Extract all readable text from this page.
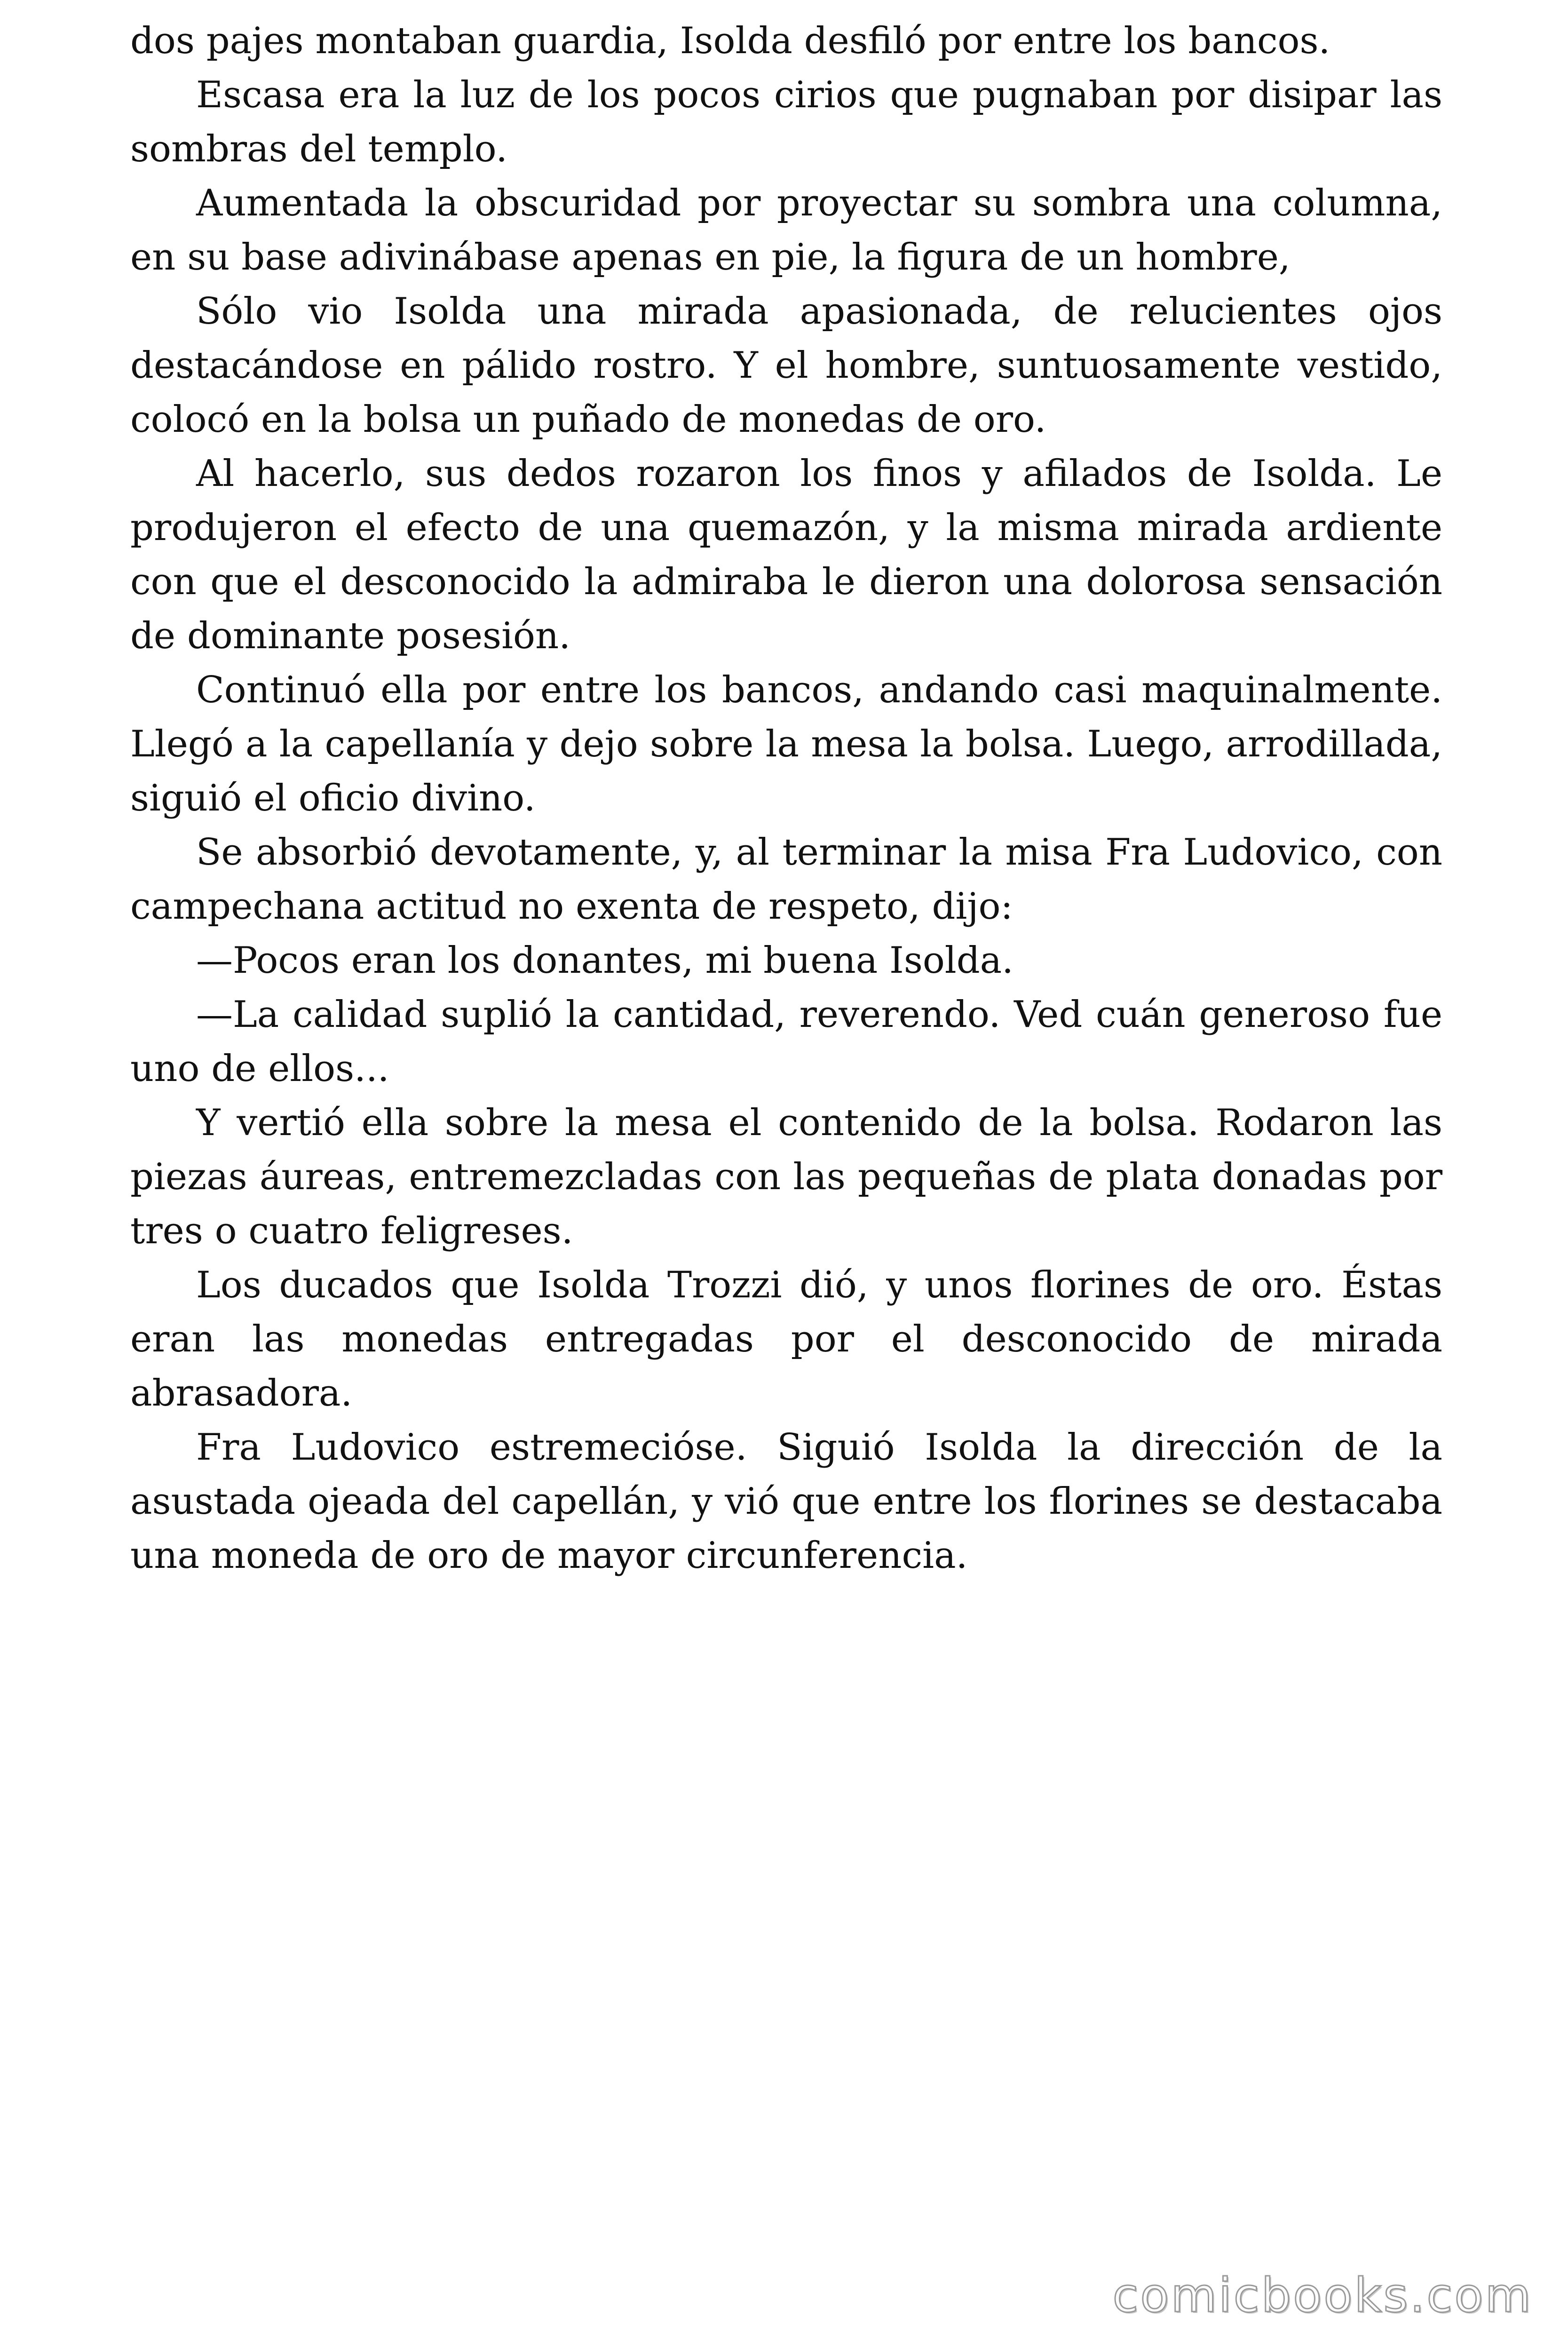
dos pajes montaban guardia, Isolda desfiló por entre los bancos.

Escasa era la luz de los pocos cirios que pugnaban por disipar las sombras del templo.

Aumentada la obscuridad por proyectar su sombra una columna, en su base adivinábase apenas en pie, la figura de un hombre,

Sólo vio Isolda una mirada apasionada, de relucientes ojos destacándose en pálido rostro. Y el hombre, suntuosamente vestido, colocó en la bolsa un puñado de monedas de oro.

Al hacerlo, sus dedos rozaron los finos y afilados de Isolda. Le produjeron el efecto de una quemazón, y la misma mirada ardiente con que el desconocido la admiraba le dieron una dolorosa sensación de dominante posesión.

Continuó ella por entre los bancos, andando casi maquinalmente. Llegó a la capellanía y dejo sobre la mesa la bolsa. Luego, arrodillada, siguió el oficio divino.

Se absorbió devotamente, y, al terminar la misa Fra Ludovico, con campechana actitud no exenta de respeto, dijo:

—Pocos eran los donantes, mi buena Isolda.

—La calidad suplió la cantidad, reverendo. Ved cuán generoso fue uno de ellos...

Y vertió ella sobre la mesa el contenido de la bolsa. Rodaron las piezas áureas, entremezcladas con las pequeñas de plata donadas por tres o cuatro feligreses.

Los ducados que Isolda Trozzi dió, y unos florines de oro. Éstas eran las monedas entregadas por el desconocido de mirada abrasadora.

Fra Ludovico estremecióse. Siguió Isolda la dirección de la asustada ojeada del capellán, y vió que entre los florines se destacaba una moneda de oro de mayor circunferencia.

comicbooks.com
